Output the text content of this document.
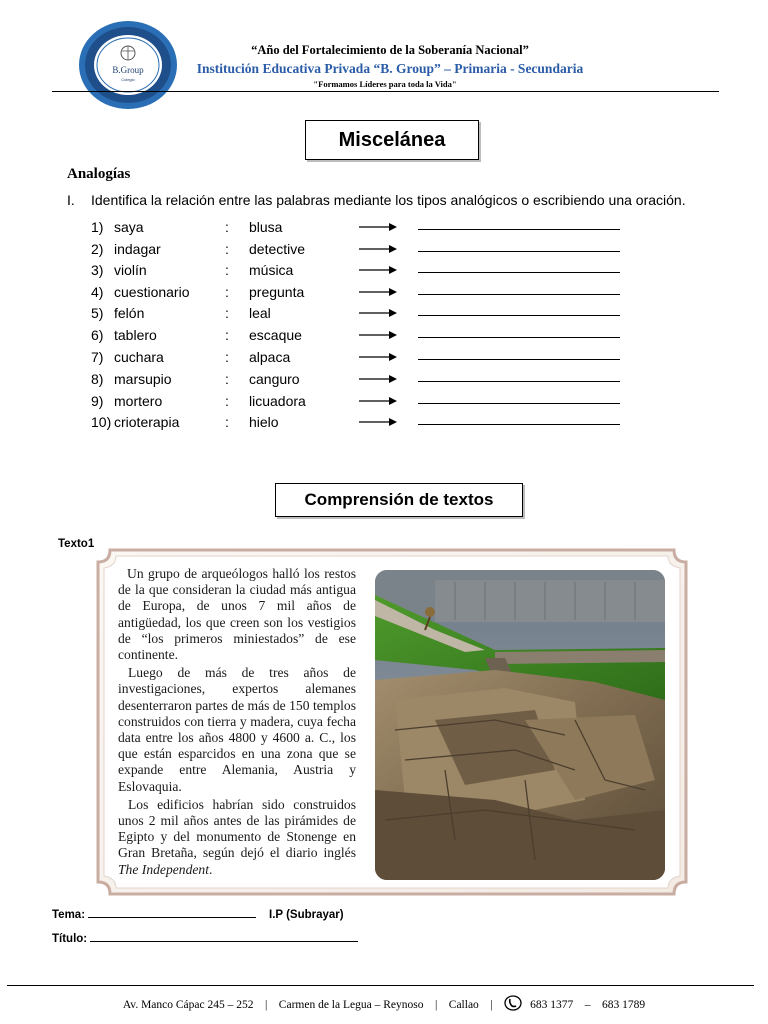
B.Group
Colegio
“Año del Fortalecimiento de la Soberanía Nacional”
Institución Educativa Privada “B. Group” – Primaria - Secundaria
"Formamos Líderes para toda la Vida"
Miscelánea
Analogías
I. Identifica la relación entre las palabras mediante los tipos analógicos o escribiendo una oración.
1) saya	: blusa
2) indagar	: detective
3) violín	: música
4) cuestionario	: pregunta
5) felón	: leal
6) tablero	: escaque
7) cuchara	: alpaca
8) marsupio	: canguro
9) mortero	: licuadora
10) crioterapia	: hielo
Comprensión de textos
Texto1

Un grupo de arqueólogos halló los restos de la que consideran la ciudad más antigua de Europa, de unos 7 mil años de antigüedad, los que creen son los vestigios de “los primeros miniestados” de ese continente.

Luego de más de tres años de investigaciones, expertos alemanes desenterraron partes de más de 150 templos construidos con tierra y madera, cuya fecha data entre los años 4800 y 4600 a. C., los que están esparcidos en una zona que se expande entre Alemania, Austria y Eslovaquia.

Los edificios habrían sido construidos unos 2 mil años antes de las pirámides de Egipto y del monumento de Stonenge en Gran Bretaña, según dejó el diario inglés The Independent.

Tema:	I.P (Subrayar)
Título:
Av. Manco Cápac 245 – 252 | Carmen de la Legua – Reynoso | Callao |	683 1377 – 683 1789
